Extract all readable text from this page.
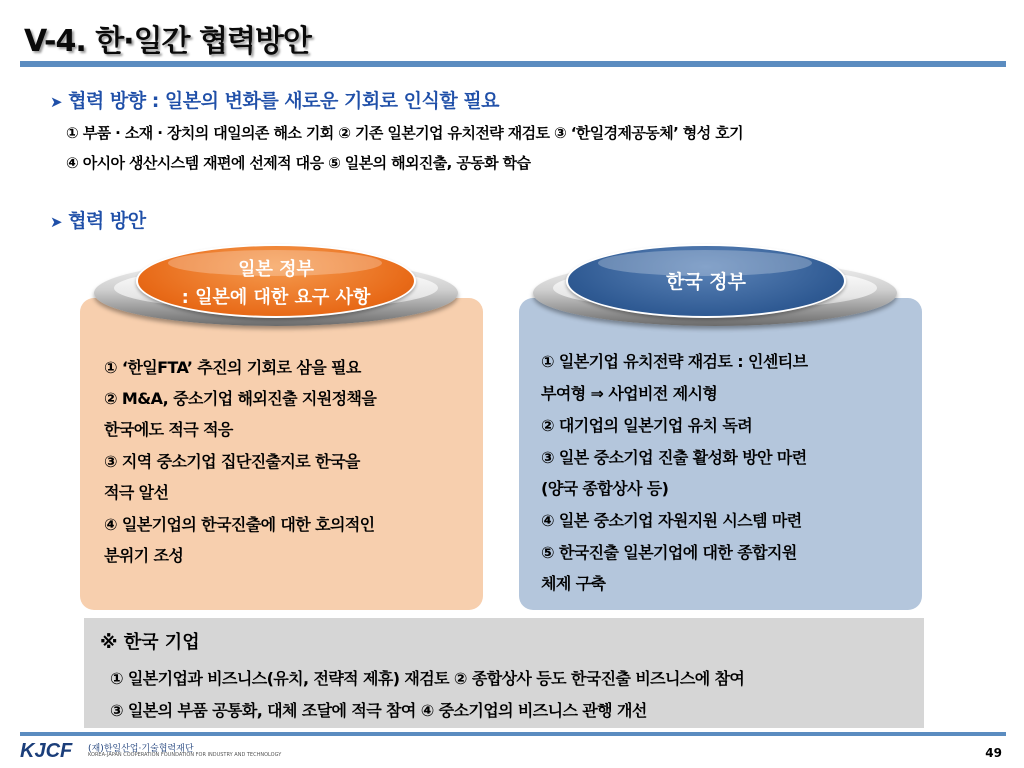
V-4. 한·일간 협력방안
➤ 협력 방향 : 일본의 변화를 새로운 기회로 인식할 필요
① 부품 · 소재 · 장치의 대일의존 해소 기회 ② 기존 일본기업 유치전략 재검토 ③ ‘한일경제공동체’ 형성 호기
④ 아시아 생산시스템 재편에 선제적 대응 ⑤ 일본의 해외진출, 공동화 학습
➤ 협력 방안
일본 정부
: 일본에 대한 요구 사항
① ‘한일FTA’ 추진의 기회로 삼을 필요
② M&A, 중소기업 해외진출 지원정책을
한국에도 적극 적응
③ 지역 중소기업 집단진출지로 한국을
적극 알선
④ 일본기업의 한국진출에 대한 호의적인
분위기 조성
한국 정부
① 일본기업 유치전략 재검토 : 인센티브
부여형 ⇒ 사업비전 제시형
② 대기업의 일본기업 유치 독려
③ 일본 중소기업 진출 활성화 방안 마련
(양국 종합상사 등)
④ 일본 중소기업 자원지원 시스템 마련
⑤ 한국진출 일본기업에 대한 종합지원
체제 구축
※ 한국 기업
① 일본기업과 비즈니스(유치, 전략적 제휴) 재검토 ② 종합상사 등도 한국진출 비즈니스에 참여
③ 일본의 부품 공통화, 대체 조달에 적극 참여 ④ 중소기업의 비즈니스 관행 개선
KJCF (재)한일산업·기술협력재단
KOREA-JAPAN COOPERATION FOUNDATION FOR INDUSTRY AND TECHNOLOGY	49
